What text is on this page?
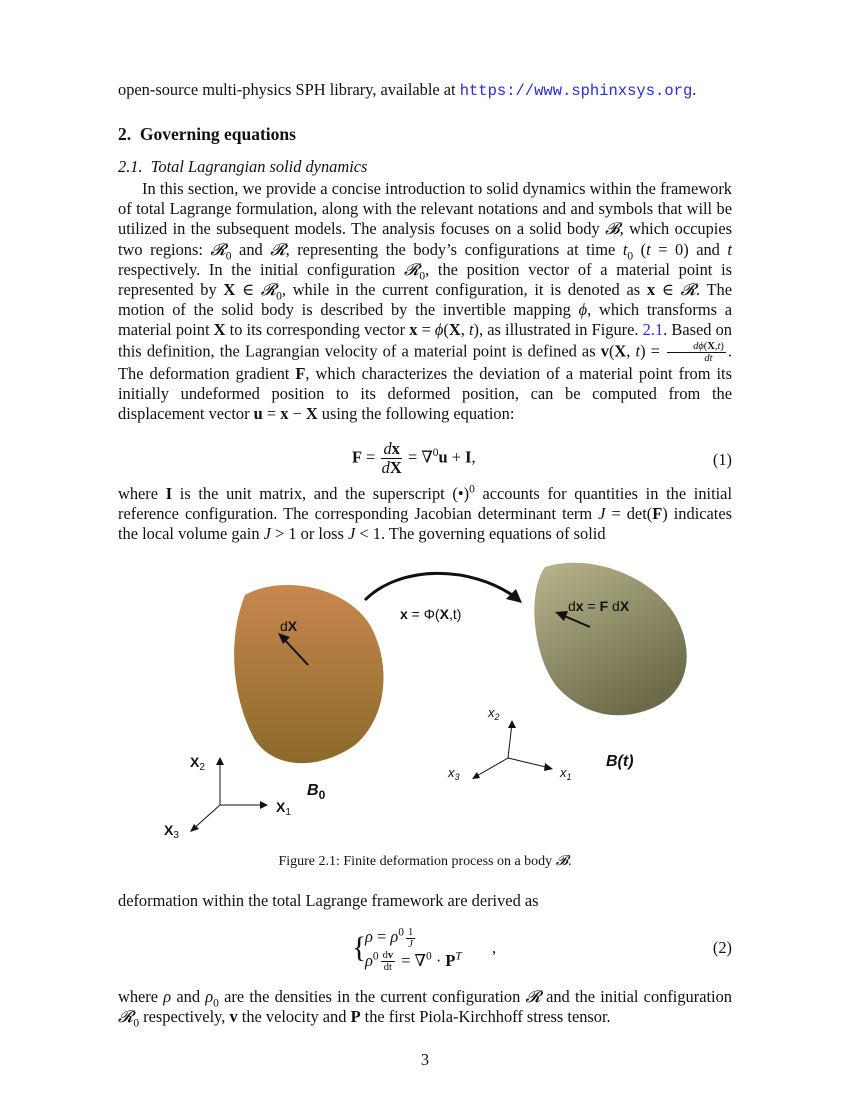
open-source multi-physics SPH library, available at https://www.sphinxsys.org.
2. Governing equations
2.1. Total Lagrangian solid dynamics
In this section, we provide a concise introduction to solid dynamics within the framework of total Lagrange formulation, along with the relevant notations and and symbols that will be utilized in the subsequent models. The analysis focuses on a solid body 𝓑, which occupies two regions: 𝓡$_0$ and 𝓡, representing the body’s configurations at time $t_0$ (t = 0) and t respectively. In the initial configuration 𝓡$_0$, the position vector of a material point is represented by X ∈ 𝓡$_0$, while in the current configuration, it is denoted as x ∈ 𝓡. The motion of the solid body is described by the invertible mapping ϕ, which transforms a material point X to its corresponding vector x = ϕ(X, t), as illustrated in Figure. 2.1. Based on this definition, the Lagrangian velocity of a material point is defined as v(X, $t) = \frac{d\phi(X,t)}{dt}$ . The deformation gradient F, which characterizes the deviation of a material point from its initially undeformed position to its deformed position, can be computed from the displacement vector u = x − X using the following equation:
$F = \frac{dx}{dX} = \nabla^0u + I$,	(1)
where I is the unit matrix, and the superscript (•)$^0$ accounts for quantities in the initial reference configuration. The corresponding Jacobian determinant term J = det(F) indicates the local volume gain J > 1 or loss J < 1. The governing equations of solid
dX
dx = F dX
x = Φ(X,t)
$X_1$
$X_2$
$X_3$
$B_0$
$x_1$
$x_2$
$x_3$
B(t)
Figure 2.1: Finite deformation process on a body 𝓑.
deformation within the total Lagrange framework are derived as
{
$\rho = \rho^0 \frac{1}{J}$
$\rho^0 \frac{dv}{dt} = \nabla^0 \cdot P^T$ ,	(2)
where ρ and $\rho_0$ are the densities in the current configuration 𝓡 and the initial configuration 𝓡$_0$ respectively, v the velocity and P the first Piola-Kirchhoff stress tensor.
3
